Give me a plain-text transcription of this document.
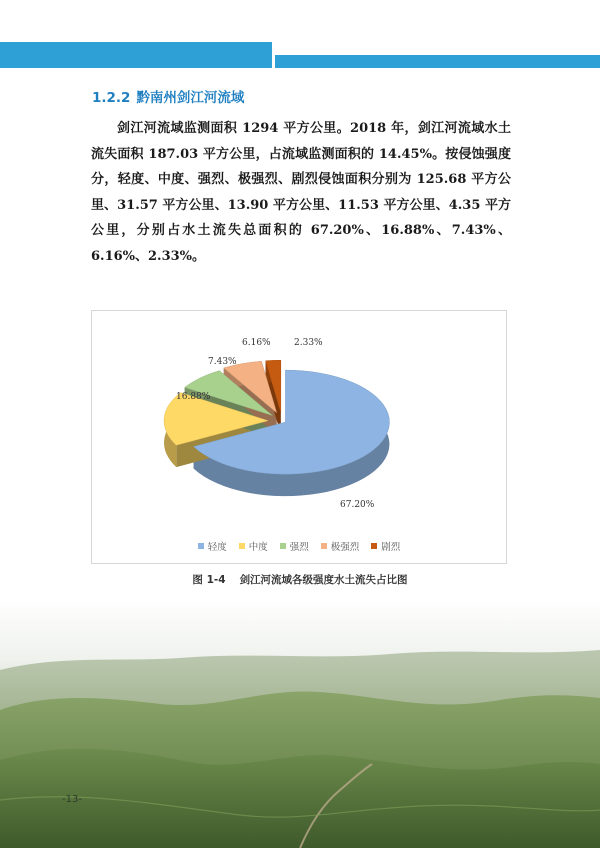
1.2.2 黔南州剑江河流域
剑江河流域监测面积 1294 平方公里。2018 年，剑江河流域水土流失面积 187.03 平方公里，占流域监测面积的 14.45%。按侵蚀强度分，轻度、中度、强烈、极强烈、剧烈侵蚀面积分别为 125.68 平方公里、31.57 平方公里、13.90 平方公里、11.53 平方公里、4.35 平方公里，分别占水土流失总面积的 67.20%、16.88%、7.43%、6.16%、2.33%。
67.20%
16.88%
7.43%
6.16%	2.33%
轻度 中度 强烈 极强烈 剧烈
图 1-4 剑江河流域各级强度水土流失占比图
-13-
